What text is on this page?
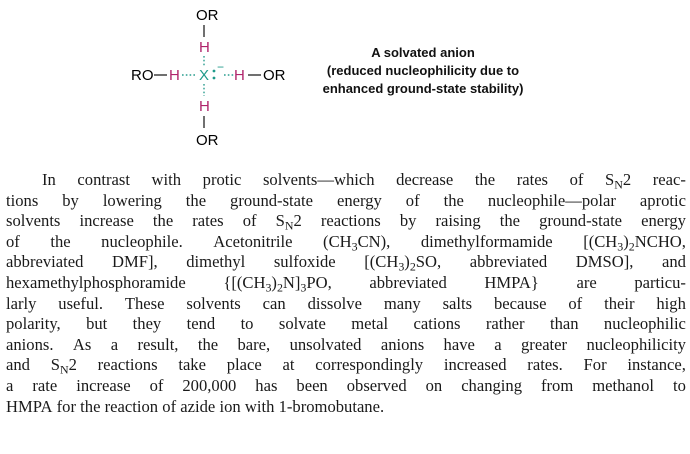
OR
H
RO H X − H OR
H
OR
A solvated anion
(reduced nucleophilicity due to
enhanced ground-state stability)
In contrast with protic solvents—which decrease the rates of $S_N2$ reac-
tions by lowering the ground-state energy of the nucleophile—polar aprotic
solvents increase the rates of $S_N2$ reactions by raising the ground-state energy
of the nucleophile. Acetonitrile $(CH_3CN)$, dimethylformamide [$(CH_3)_2NCHO$,
abbreviated DMF], dimethyl sulfoxide [$(CH_3)_2SO$, abbreviated DMSO], and
hexamethylphosphoramide {$[(CH_3)_2N]_3PO$, abbreviated HMPA} are particu-
larly useful. These solvents can dissolve many salts because of their high
polarity, but they tend to solvate metal cations rather than nucleophilic
anions. As a result, the bare, unsolvated anions have a greater nucleophilicity
and $S_N2$ reactions take place at correspondingly increased rates. For instance,
a rate increase of 200,000 has been observed on changing from methanol to
HMPA for the reaction of azide ion with 1-bromobutane.
